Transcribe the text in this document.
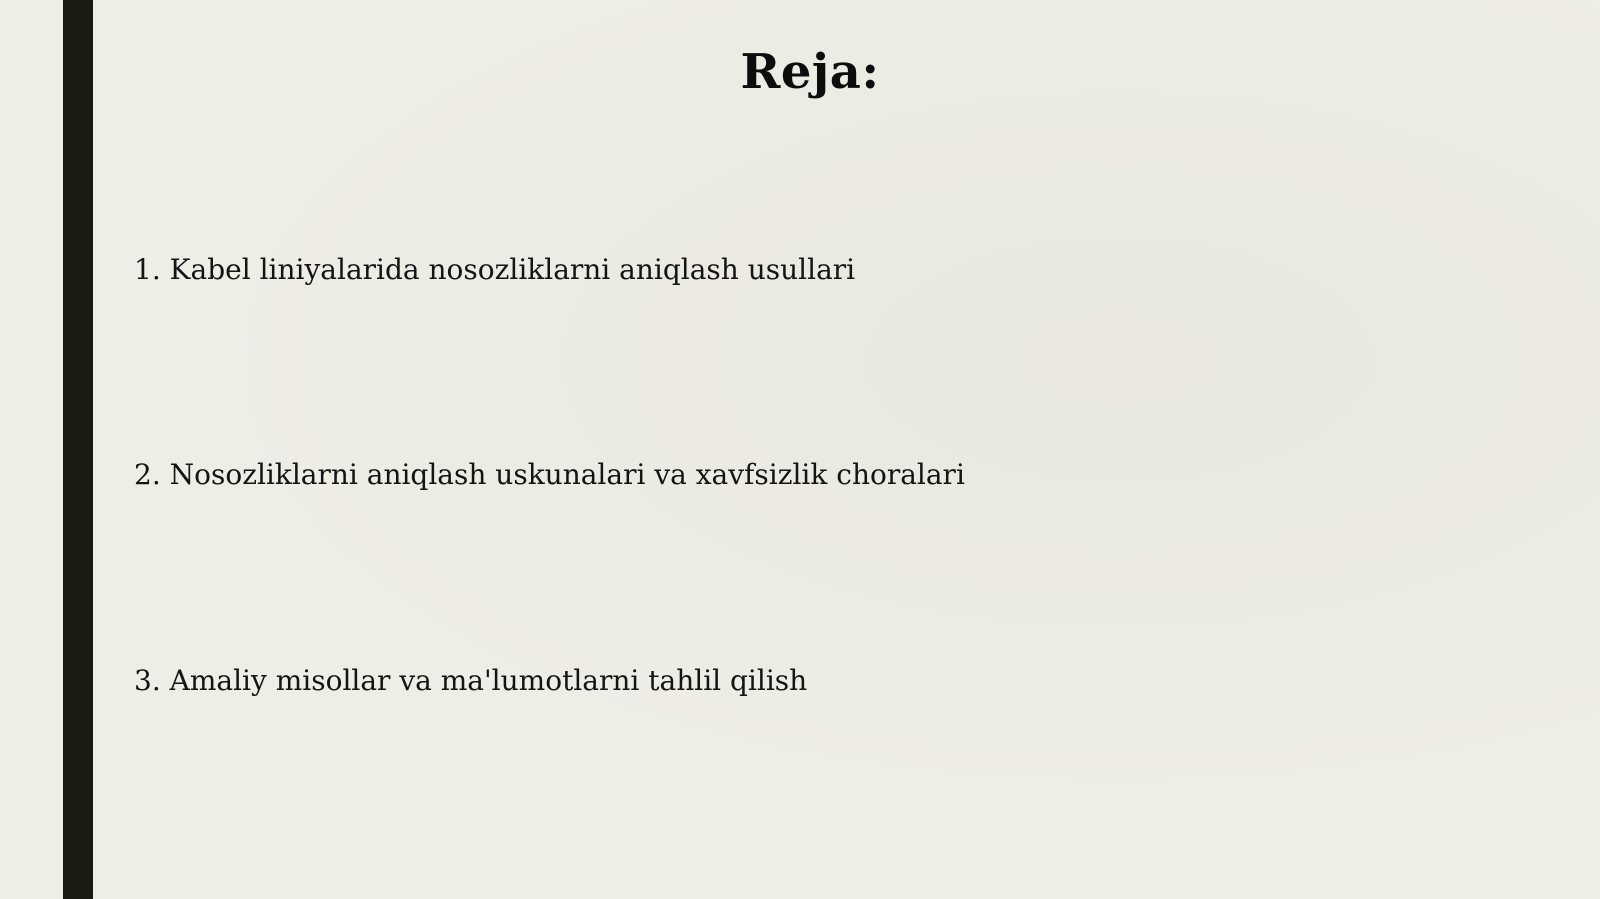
Reja:
1. Kabel liniyalarida nosozliklarni aniqlash usullari
2. Nosozliklarni aniqlash uskunalari va xavfsizlik choralari
3. Amaliy misollar va ma'lumotlarni tahlil qilish
